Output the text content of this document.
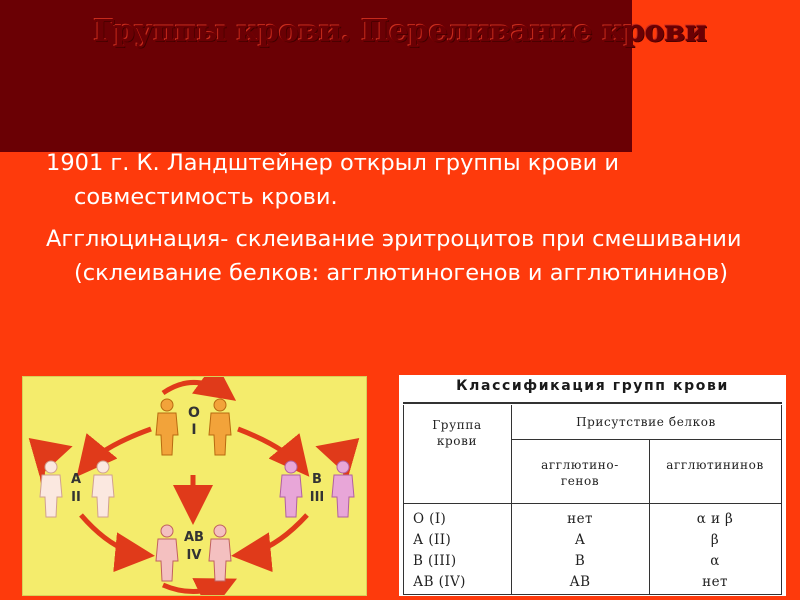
Группы крови. Переливание крови

1901 г. К. Ландштейнер открыл группы крови и совместимость крови.

Агглюцинация- склеивание эритроцитов при смешивании (склеивание белков: агглютиногенов и агглютининов)

O
I
A
II
B
III
AB
IV
Классификация групп крови
Группа
крови
Присутствие белков
агглютино-
генов
агглютининов
О (I)
А (II)
В (III)
АВ (IV)
нет
А
В
АВ
α и β
β
α
нет
